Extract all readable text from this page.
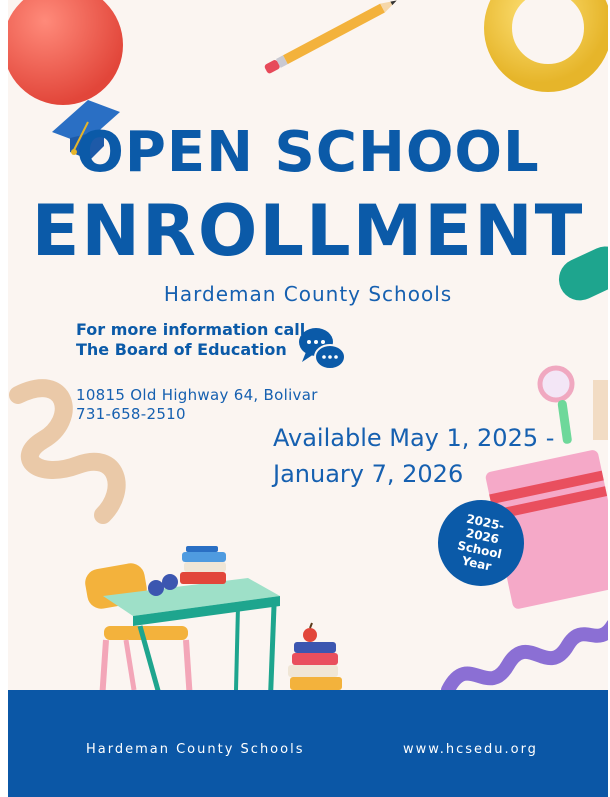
OPEN SCHOOL
ENROLLMENT
Hardeman County Schools
For more information call The Board of Education
10815 Old Highway 64, Bolivar
731-658-2510
Available May 1, 2025 - January 7, 2026
2025-2026 School Year
Hardeman County Schools	www.hcsedu.org
